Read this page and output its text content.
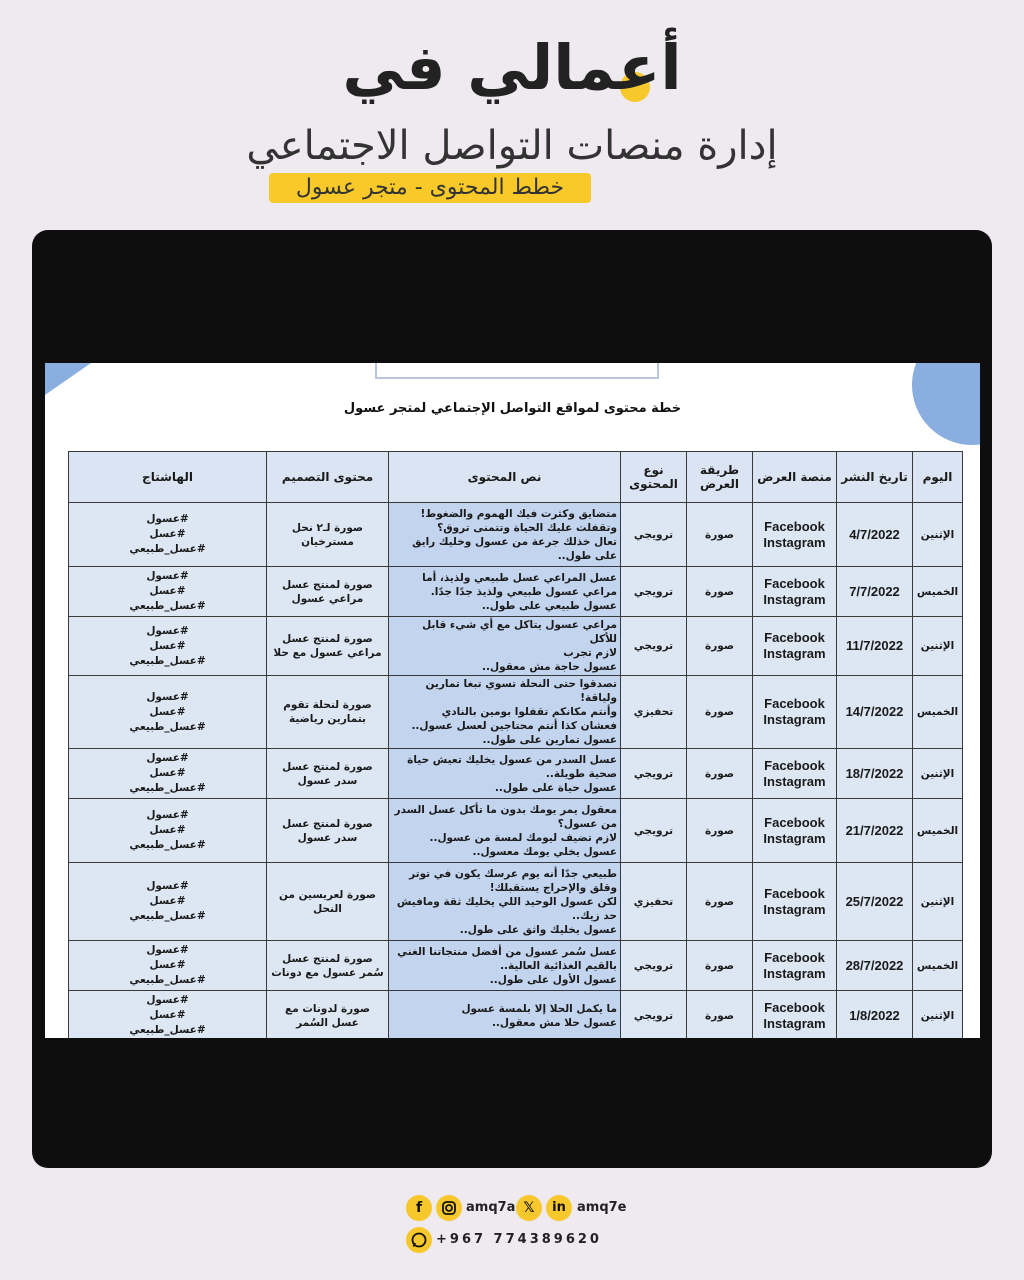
أعمالي في
إدارة منصات التواصل الاجتماعي
خطط المحتوى - متجر عسول
خطة محتوى لمواقع التواصل الإجتماعي لمتجر عسول
اليوم	تاريخ النشر	منصة العرض	طريقة العرض	نوع المحتوى	نص المحتوى	محتوى التصميم	الهاشتاج
الإثنين	4/7/2022	Facebook
Instagram	صورة	ترويجي	متضايق وكثرت فيك الهموم والضغوط!
وتقفلت عليك الحياة وتتمنى تروق؟
تعال خذلك جرعة من عسول وخليك رايق على طول..	صورة لـ٢ نحل مسترخيان	#عسول
#عسل
#عسل_طبيعي
الخميس	7/7/2022	Facebook
Instagram	صورة	ترويجي	عسل المراعي عسل طبيعي ولذيذ، أما مراعي عسول طبيعي ولذيذ جدًا جدًا.
عسول طبيعي على طول..	صورة لمنتج عسل مراعي عسول	#عسول
#عسل
#عسل_طبيعي
الإثنين	11/7/2022	Facebook
Instagram	صورة	ترويجي	مراعي عسول يتاكل مع أي شيء قابل للأكل
لازم تجرب
عسول حاجة مش معقول..	صورة لمنتج عسل مراعي عسول مع حلا	#عسول
#عسل
#عسل_طبيعي
الخميس	14/7/2022	Facebook
Instagram	صورة	تحفيزي	تصدقوا حتى النحلة تسوي تبغا تمارين ولياقة!
وأنتم مكانكم تقفلوا بومين بالنادي
فعشان كذا أنتم محتاجين لعسل عسول..
عسول تمارين على طول..	صورة لنحلة تقوم بتمارين رياضية	#عسول
#عسل
#عسل_طبيعي
الإثنين	18/7/2022	Facebook
Instagram	صورة	ترويجي	عسل السدر من عسول يخليك تعيش حياة صحية طويلة..
عسول حياة على طول..	صورة لمنتج عسل سدر عسول	#عسول
#عسل
#عسل_طبيعي
الخميس	21/7/2022	Facebook
Instagram	صورة	ترويجي	معقول يمر يومك بدون ما تأكل عسل السدر من عسول؟
لازم تضيف ليومك لمسة من عسول..
عسول يخلي يومك معسول..	صورة لمنتج عسل سدر عسول	#عسول
#عسل
#عسل_طبيعي
الإثنين	25/7/2022	Facebook
Instagram	صورة	تحفيزي	طبيعي جدًا أنه يوم عرسك يكون في توتر وقلق والإحراج يستقبلك!
لكن عسول الوحيد اللي يخليك ثقة ومافيش حد زيك..
عسول يخليك واثق على طول..	صورة لعريسين من النحل	#عسول
#عسل
#عسل_طبيعي
الخميس	28/7/2022	Facebook
Instagram	صورة	ترويجي	عسل سُمر عسول من أفضل منتجاتنا الغني بالقيم الغذائية العالية..
عسول الأول على طول..	صورة لمنتج عسل سُمر عسول مع دونات	#عسول
#عسل
#عسل_طبيعي
الإثنين	1/8/2022	Facebook
Instagram	صورة	ترويجي	ما يكمل الحلا إلا بلمسة عسول
عسول حلا مش معقول..	صورة لدونات مع عسل السُمر	#عسول
#عسل
#عسل_طبيعي
f	amq7a 𝕏	in amq7e
+967 774389620
